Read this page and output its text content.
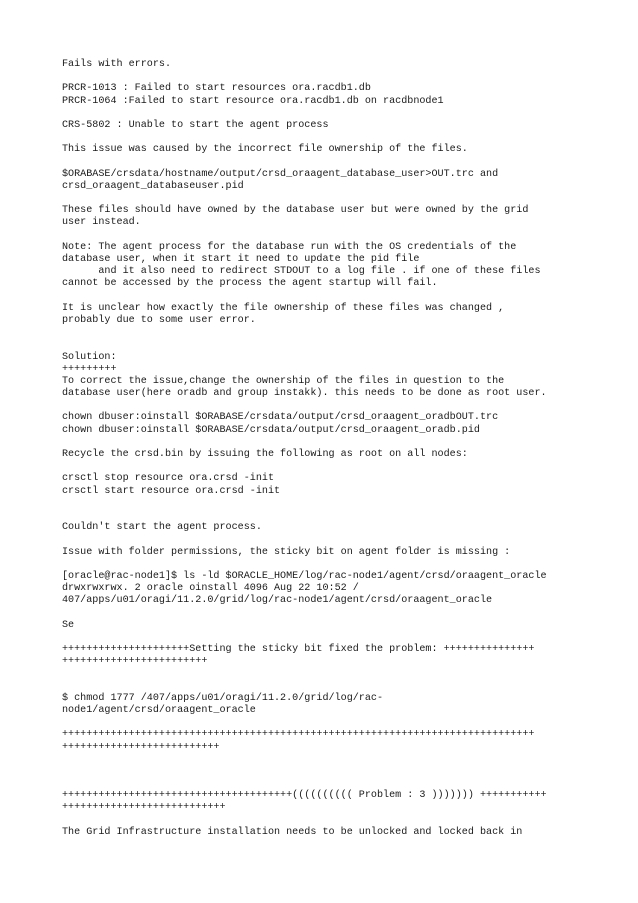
Fails with errors.
PRCR-1013 : Failed to start resources ora.racdb1.db
PRCR-1064 :Failed to start resource ora.racdb1.db on racdbnode1
CRS-5802 : Unable to start the agent process
This issue was caused by the incorrect file ownership of the files.
$ORABASE/crsdata/hostname/output/crsd_oraagent_database_user>OUT.trc and
crsd_oraagent_databaseuser.pid
These files should have owned by the database user but were owned by the grid
user instead.
Note: The agent process for the database run with the OS credentials of the
database user, when it start it need to update the pid file
and it also need to redirect STDOUT to a log file . if one of these files
cannot be accessed by the process the agent startup will fail.
It is unclear how exactly the file ownership of these files was changed ,
probably due to some user error.
Solution:
+++++++++
To correct the issue,change the ownership of the files in question to the
database user(here oradb and group instakk). this needs to be done as root user.
chown dbuser:oinstall $ORABASE/crsdata/output/crsd_oraagent_oradbOUT.trc
chown dbuser:oinstall $ORABASE/crsdata/output/crsd_oraagent_oradb.pid
Recycle the crsd.bin by issuing the following as root on all nodes:
crsctl stop resource ora.crsd -init
crsctl start resource ora.crsd -init
Couldn't start the agent process.
Issue with folder permissions, the sticky bit on agent folder is missing :
[oracle@rac-node1]$ ls -ld $ORACLE_HOME/log/rac-node1/agent/crsd/oraagent_oracle
drwxrwxrwx. 2 oracle oinstall 4096 Aug 22 10:52 /
407/apps/u01/oragi/11.2.0/grid/log/rac-node1/agent/crsd/oraagent_oracle
Se
+++++++++++++++++++++Setting the sticky bit fixed the problem: +++++++++++++++
++++++++++++++++++++++++
$ chmod 1777 /407/apps/u01/oragi/11.2.0/grid/log/rac-
node1/agent/crsd/oraagent_oracle
++++++++++++++++++++++++++++++++++++++++++++++++++++++++++++++++++++++++++++++
++++++++++++++++++++++++++
++++++++++++++++++++++++++++++++++++++(((((((((( Problem : 3 ))))))) +++++++++++
+++++++++++++++++++++++++++
The Grid Infrastructure installation needs to be unlocked and locked back in
